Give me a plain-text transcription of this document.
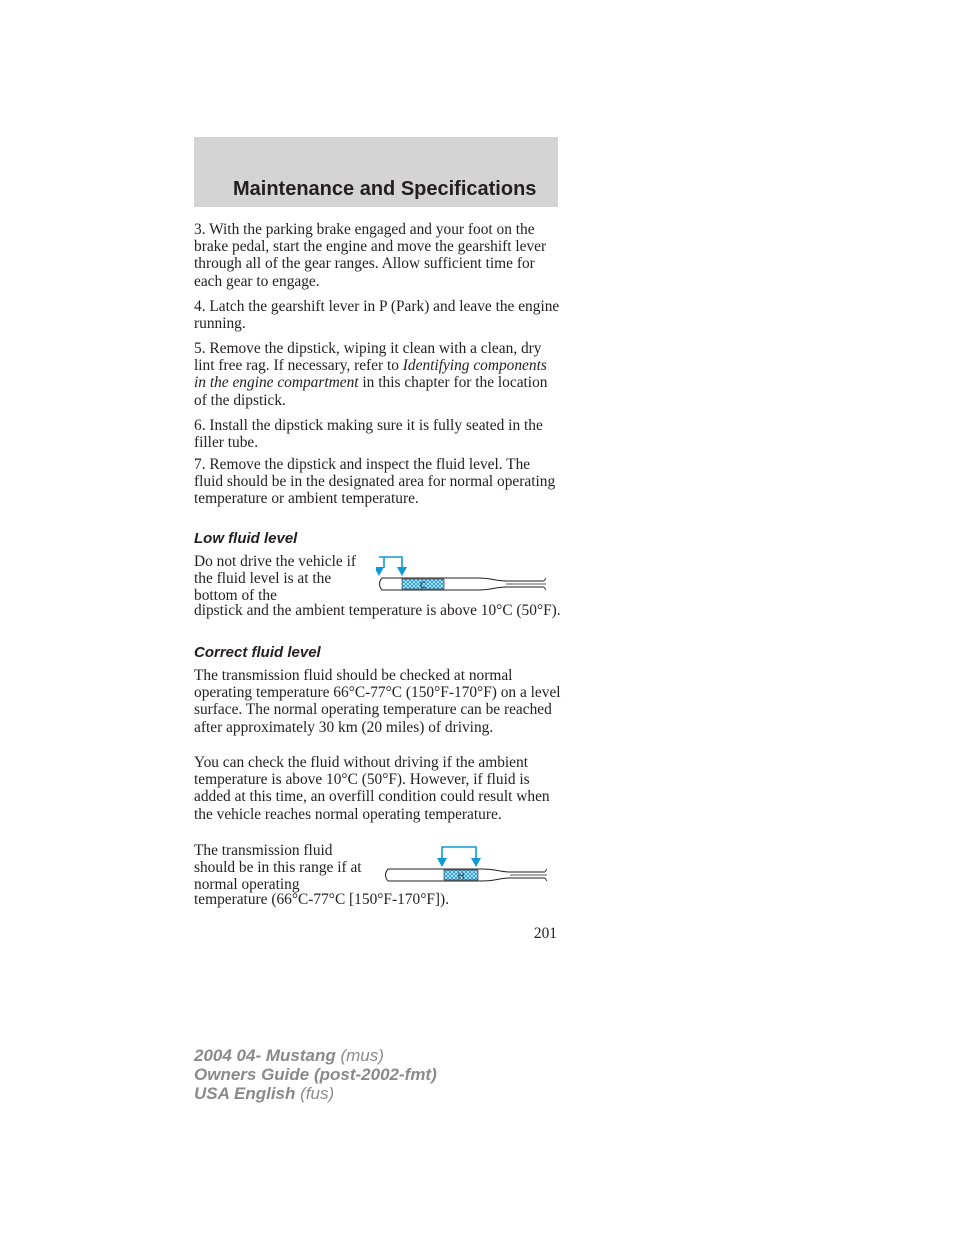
Maintenance and Specifications

3. With the parking brake engaged and your foot on the brake pedal, start the engine and move the gearshift lever through all of the gear ranges. Allow sufficient time for each gear to engage.

4. Latch the gearshift lever in P (Park) and leave the engine running.

5. Remove the dipstick, wiping it clean with a clean, dry lint free rag. If necessary, refer to Identifying components in the engine compartment in this chapter for the location of the dipstick.

6. Install the dipstick making sure it is fully seated in the filler tube.

7. Remove the dipstick and inspect the fluid level. The fluid should be in the designated area for normal operating temperature or ambient temperature.

Low fluid level

Do not drive the vehicle if the fluid level is at the bottom of the

dipstick and the ambient temperature is above 10°C (50°F).

C
Correct fluid level

The transmission fluid should be checked at normal operating temperature 66°C-77°C (150°F-170°F) on a level surface. The normal operating temperature can be reached after approximately 30 km (20 miles) of driving.

You can check the fluid without driving if the ambient temperature is above 10°C (50°F). However, if fluid is added at this time, an overfill condition could result when the vehicle reaches normal operating temperature.

The transmission fluid should be in this range if at normal operating

temperature (66°C-77°C [150°F-170°F]).

H
201
2004 04- Mustang (mus)
Owners Guide (post-2002-fmt)
USA English (fus)
